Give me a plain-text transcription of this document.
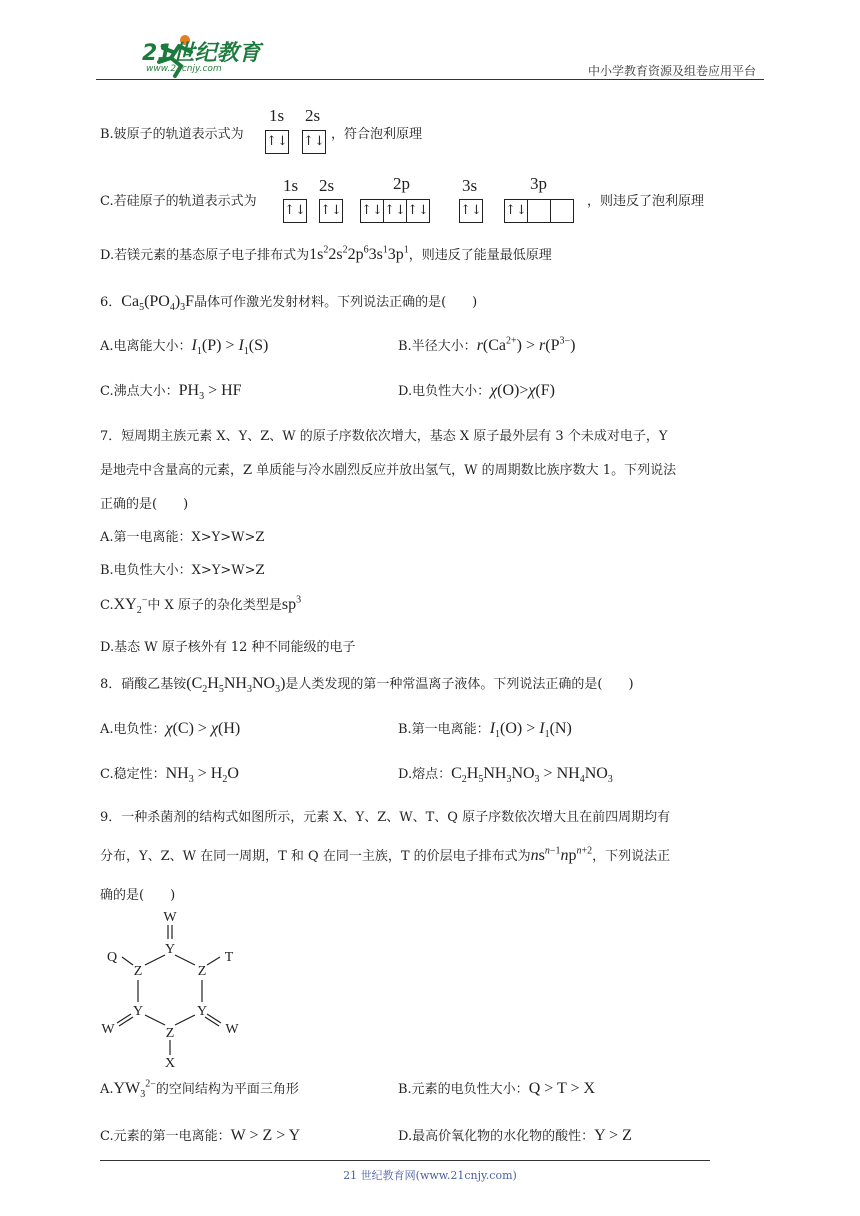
21世纪教育
www.21cnjy.com	中小学教育资源及组卷应用平台
B.铍原子的轨道表示式为
1s 2s
↑↓ ↑↓ ，符合泡利原理
C.若硅原子的轨道表示式为
1s 2s	2p	3s	3p
↑↓ ↑↓ ↑↓ ↑↓ ↑↓ ↑↓ ↑↓
，则违反了泡利原理
D.若镁元素的基态原子电子排布式为$1s^22s^22p^63s^13p^1$，则违反了能量最低原理
6．$Ca_5(PO_4)_3F$晶体可作激光发射材料。下列说法正确的是(　　)
A.电离能大小：$I_1(P) > I_1(S)$	B.半径大小：$r(Ca^{2+}) > r(P^{3-})$
C.沸点大小：$PH_3$ > HF	D.电负性大小：χ(O)>χ(F)
7．短周期主族元素 X、Y、Z、W 的原子序数依次增大，基态 X 原子最外层有 3 个未成对电子，Y
是地壳中含量高的元素，Z 单质能与冷水剧烈反应并放出氢气，W 的周期数比族序数大 1。下列说法
正确的是(　　)
A.第一电离能：X>Y>W>Z
B.电负性大小：X>Y>W>Z
$C.XY_2^-$中 X 原子的杂化类型是$sp^3$
D.基态 W 原子核外有 12 种不同能级的电子
8．硝酸乙基铵$(C_2H_5NH_3NO_3)$是人类发现的第一种常温离子液体。下列说法正确的是(　　)
A.电负性：χ(C) > χ(H)	B.第一电离能：$I_1(O) > I_1(N)$
C.稳定性：$NH_3 > H_2O$	D.熔点：$C_2H_5NH_3NO_3 > NH_4NO_3$
9．一种杀菌剂的结构式如图所示，元素 X、Y、Z、W、T、Q 原子序数依次增大且在前四周期均有
分布，Y、Z、W 在同一周期，T 和 Q 在同一主族，T 的价层电子排布式为$ns^{n-1}np^{n+2}$，下列说法正
确的是(　　)
W
Y
Q
Z
T
Z
Y	Y
W	W
Z
X
$A.YW_3^{2-}$的空间结构为平面三角形	B.元素的电负性大小：Q > T > X
C.元素的第一电离能：W > Z > Y	D.最高价氧化物的水化物的酸性：Y > Z
21 世纪教育网(www.21cnjy.com)
